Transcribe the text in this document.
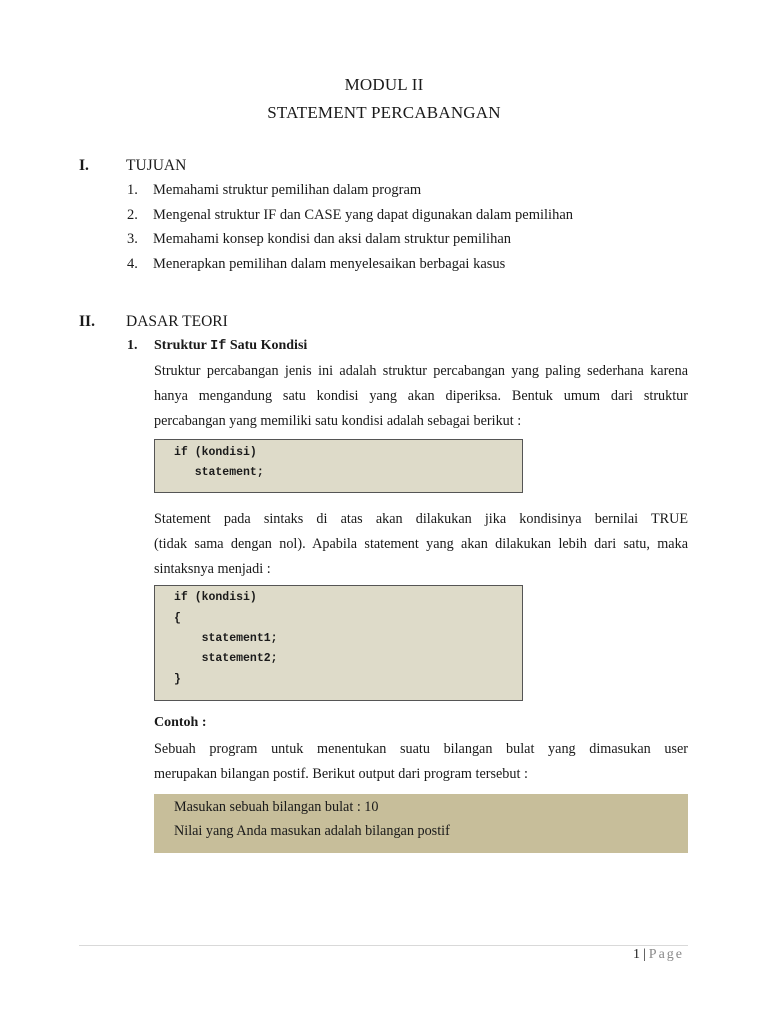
MODUL II
STATEMENT PERCABANGAN
I. TUJUAN
1. Memahami struktur pemilihan dalam program
2. Mengenal struktur IF dan CASE yang dapat digunakan dalam pemilihan
3. Memahami konsep kondisi dan aksi dalam struktur pemilihan
4. Menerapkan pemilihan dalam menyelesaikan berbagai kasus
II. DASAR TEORI
1. Struktur If Satu Kondisi
Struktur percabangan jenis ini adalah struktur percabangan yang paling sederhana karena
hanya mengandung satu kondisi yang akan diperiksa. Bentuk umum dari struktur
percabangan yang memiliki satu kondisi adalah sebagai berikut :
if (kondisi)
statement;
Statement pada sintaks di atas akan dilakukan jika kondisinya bernilai TRUE
(tidak sama dengan nol). Apabila statement yang akan dilakukan lebih dari satu, maka
sintaksnya menjadi :
if (kondisi)
{
statement1;
statement2;
}
Contoh :
Sebuah program untuk menentukan suatu bilangan bulat yang dimasukan user
merupakan bilangan postif. Berikut output dari program tersebut :
Masukan sebuah bilangan bulat : 10
Nilai yang Anda masukan adalah bilangan postif
1 | Page
